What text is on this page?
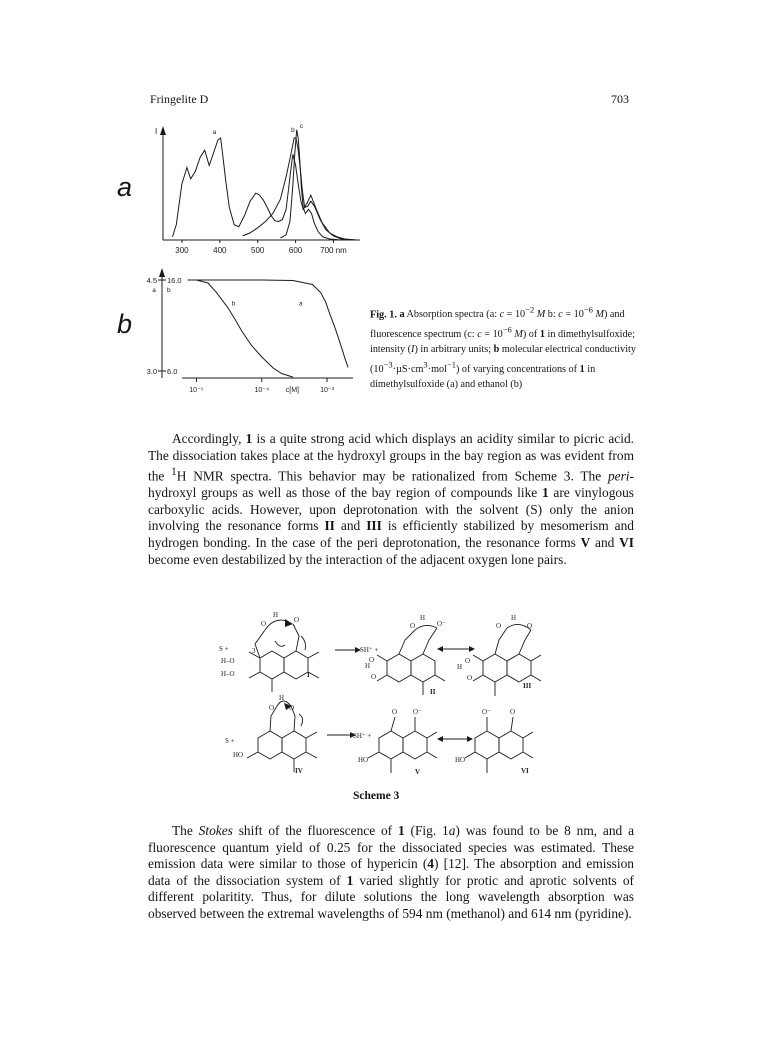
Fringelite D	703
a
b
I
300	400	500	600 700 nm
a	b
c
4.5 16.0
3.0 6.0
10⁻⁵	10⁻⁴	10⁻³
c[M]
a b
a
b

Fig. 1. a Absorption spectra (a: $c = 10^{-2}$ M b: $c = 10^{-6}$ M) and fluorescence spectrum (c: $c = 10^{-6}$ M) of 1 in dimethylsulfoxide; intensity (I) in arbitrary units; b molecular electrical conductivity $(10^{-3}\cdot\mu S\cdot cm^3\cdot mol^{-1})$ of varying concentrations of 1 in dimethylsulfoxide (a) and ethanol (b)

Accordingly, 1 is a quite strong acid which displays an acidity similar to picric acid. The dissociation takes place at the hydroxyl groups in the bay region as was evident from the $^1$H NMR spectra. This behavior may be rationalized from Scheme 3. The peri-hydroxyl groups as well as those of the bay region of compounds like 1 are vinylogous carboxylic acids. However, upon deprotonation with the solvent (S) only the anion involving the resonance forms II and III is efficiently stabilized by mesomerism and hydrogen bonding. In the case of the peri deprotonation, the resonance forms V and VI become even destabilized by the interaction of the adjacent oxygen lone pairs.

S +
H–O
H–O
3
O
H
O
I
SH⁺ +
H
O
O
O
H
O⁻
II
H
O
O
O
H
O
III
S +
HO
O
H
O
IV
SH⁺ +
HO
O O⁻
V
HO
O⁻	O
VI
Scheme 3

The Stokes shift of the fluorescence of 1 (Fig. 1a) was found to be 8 nm, and a fluorescence quantum yield of 0.25 for the dissociated species was estimated. These emission data were similar to those of hypericin (4) [12]. The absorption and emission data of the dissociation system of 1 varied slightly for protic and aprotic solvents of different polaritity. Thus, for dilute solutions the long wavelength absorption was observed between the extremal wavelengths of 594 nm (methanol) and 614 nm (pyridine).
